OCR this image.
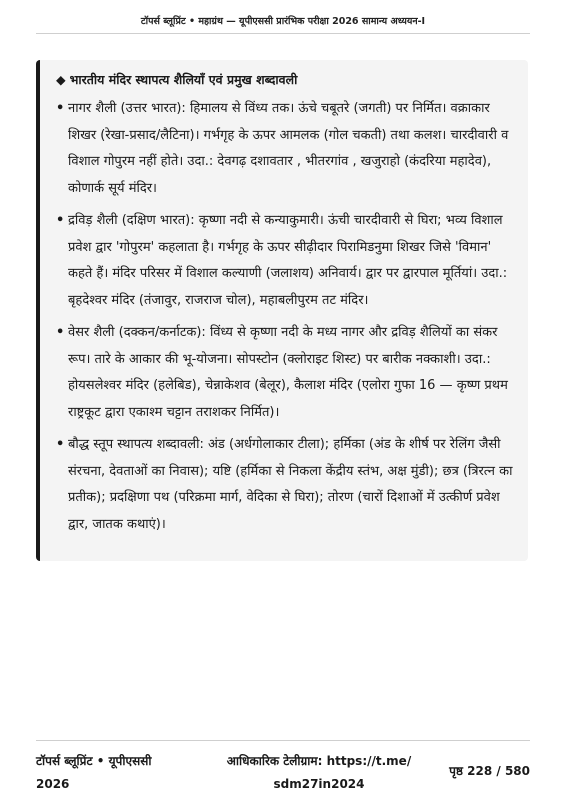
टॉपर्स ब्लूप्रिंट • महाग्रंथ — यूपीएससी प्रारंभिक परीक्षा 2026 सामान्य अध्ययन-I
◆ भारतीय मंदिर स्थापत्य शैलियाँ एवं प्रमुख शब्दावली
• नागर शैली (उत्तर भारत): हिमालय से विंध्य तक। ऊंचे चबूतरे (जगती) पर निर्मित। वक्राकार शिखर (रेखा-प्रसाद/लैटिना)। गर्भगृह के ऊपर आमलक (गोल चकती) तथा कलश। चारदीवारी व विशाल गोपुरम नहीं होते। उदा.: देवगढ़ दशावतार , भीतरगांव , खजुराहो (कंदरिया महादेव), कोणार्क सूर्य मंदिर।
• द्रविड़ शैली (दक्षिण भारत): कृष्णा नदी से कन्याकुमारी। ऊंची चारदीवारी से घिरा; भव्य विशाल प्रवेश द्वार 'गोपुरम' कहलाता है। गर्भगृह के ऊपर सीढ़ीदार पिरामिडनुमा शिखर जिसे 'विमान' कहते हैं। मंदिर परिसर में विशाल कल्याणी (जलाशय) अनिवार्य। द्वार पर द्वारपाल मूर्तियां। उदा.: बृहदेश्वर मंदिर (तंजावुर, राजराज चोल), महाबलीपुरम तट मंदिर।
• वेसर शैली (दक्कन/कर्नाटक): विंध्य से कृष्णा नदी के मध्य नागर और द्रविड़ शैलियों का संकर रूप। तारे के आकार की भू-योजना। सोपस्टोन (क्लोराइट शिस्ट) पर बारीक नक्काशी। उदा.: होयसलेश्वर मंदिर (हलेबिड), चेन्नाकेशव (बेलूर), कैलाश मंदिर (एलोरा गुफा 16 — कृष्ण प्रथम राष्ट्रकूट द्वारा एकाश्म चट्टान तराशकर निर्मित)।
• बौद्ध स्तूप स्थापत्य शब्दावली: अंड (अर्धगोलाकार टीला); हर्मिका (अंड के शीर्ष पर रेलिंग जैसी संरचना, देवताओं का निवास); यष्टि (हर्मिका से निकला केंद्रीय स्तंभ, अक्ष मुंडी); छत्र (त्रिरत्न का प्रतीक); प्रदक्षिणा पथ (परिक्रमा मार्ग, वेदिका से घिरा); तोरण (चारों दिशाओं में उत्कीर्ण प्रवेश द्वार, जातक कथाएं)।
टॉपर्स ब्लूप्रिंट • यूपीएससी
2026
आधिकारिक टेलीग्राम: https://t.me/
sdm27in2024
पृष्ठ 228 / 580
